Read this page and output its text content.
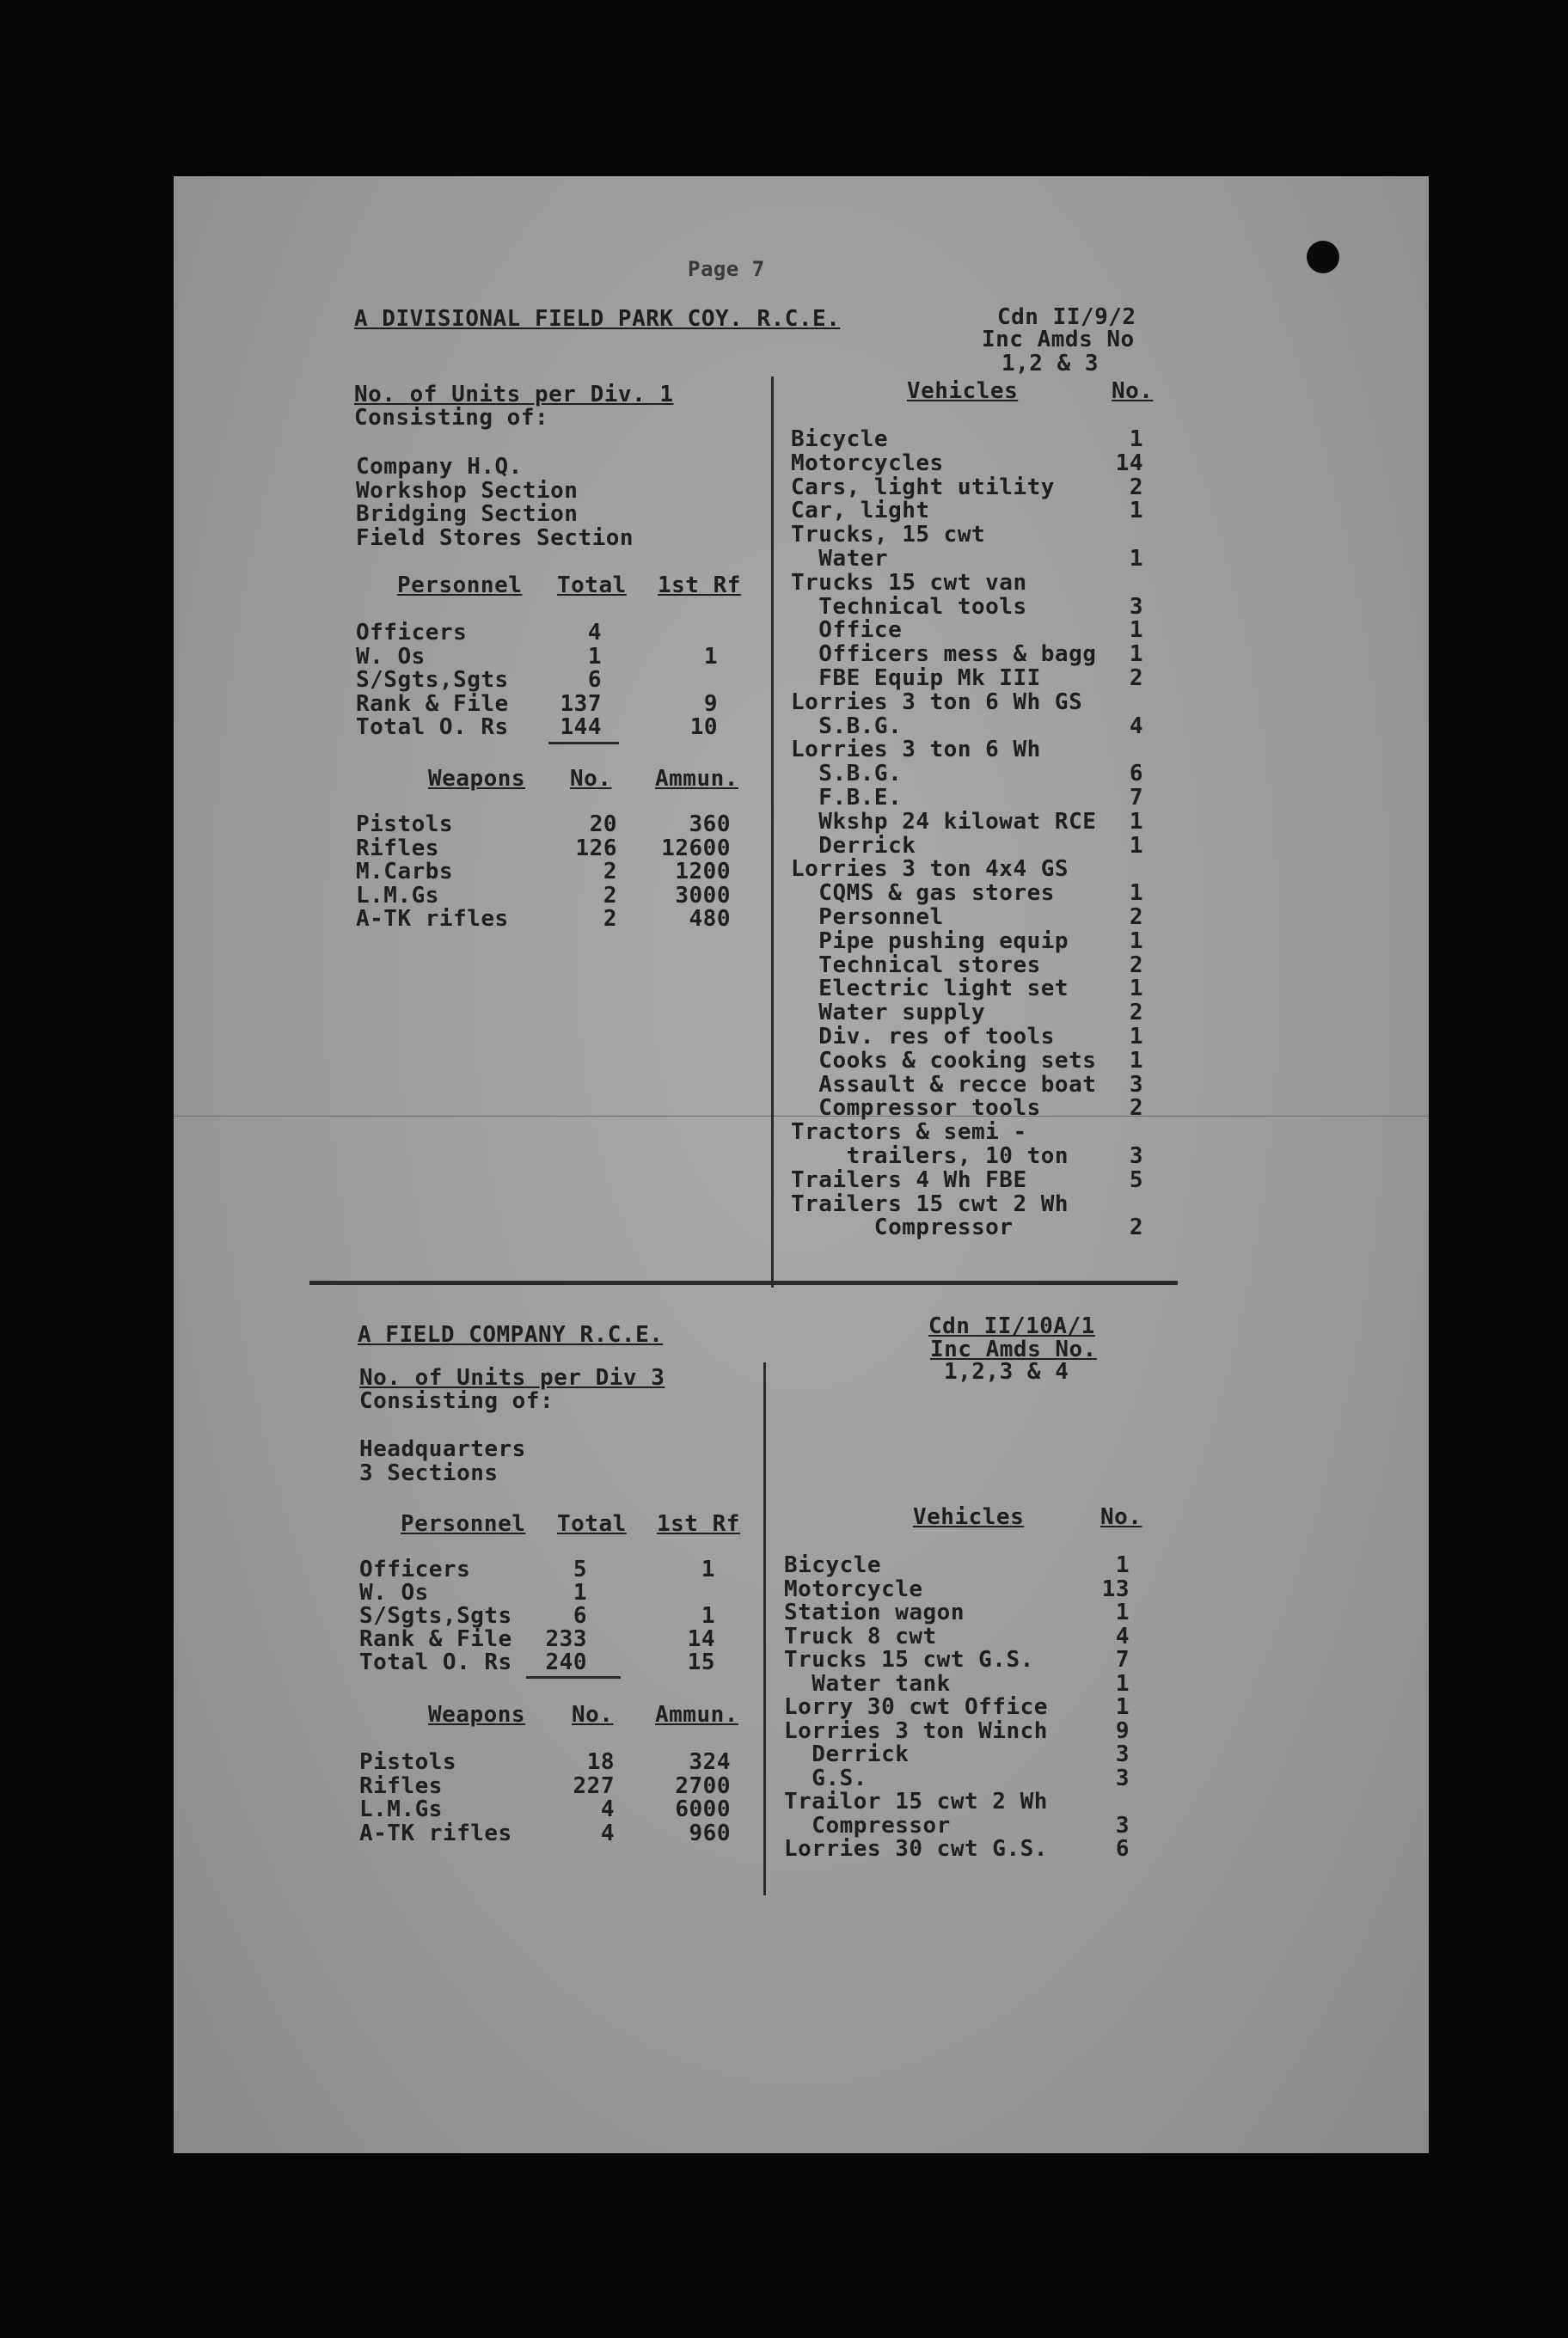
Page 7
A DIVISIONAL FIELD PARK COY. R.C.E.	Cdn II/9/2
Inc Amds No
1,2 & 3
No. of Units per Div. 1
Consisting of:
Company H.Q.
Workshop Section
Bridging Section
Field Stores Section
Personnel Total 1st Rf
Officers	4
W. Os	1	1
S/Sgts,Sgts	6
Rank & File 137	9
Total O. Rs 144	10
Weapons No. Ammun.
Pistols	20	360
Rifles	126 12600
M.Carbs	2	1200
L.M.Gs	2	3000
A-TK rifles	2	480
Vehicles	No.
Bicycle	1
Motorcycles	14
Cars, light utility	2
Car, light	1
Trucks, 15 cwt
Water	1
Trucks 15 cwt van
Technical tools	3
Office	1
Officers mess & bagg 1
FBE Equip Mk III	2
Lorries 3 ton 6 Wh GS
S.B.G.	4
Lorries 3 ton 6 Wh
S.B.G.	6
F.B.E.	7
Wkshp 24 kilowat RCE 1
Derrick	1
Lorries 3 ton 4x4 GS
CQMS & gas stores	1
Personnel	2
Pipe pushing equip	1
Technical stores	2
Electric light set	1
Water supply	2
Div. res of tools	1
Cooks & cooking sets 1
Assault & recce boat 3
Compressor tools	2
Tractors & semi -
trailers, 10 ton	3
Trailers 4 Wh FBE	5
Trailers 15 cwt 2 Wh
Compressor	2
A FIELD COMPANY R.C.E.	Cdn II/10A/1
Inc Amds No.
1,2,3 & 4
No. of Units per Div 3
Consisting of:
Headquarters
3 Sections
Personnel Total 1st Rf
Officers	5	1
W. Os	1
S/Sgts,Sgts	6	1
Rank & File 233	14
Total O. Rs 240	15
Weapons No. Ammun.
Pistols	18	324
Rifles	227	2700
L.M.Gs	4	6000
A-TK rifles	4	960
Vehicles	No.
Bicycle	1
Motorcycle	13
Station wagon	1
Truck 8 cwt	4
Trucks 15 cwt G.S.	7
Water tank	1
Lorry 30 cwt Office	1
Lorries 3 ton Winch	9
Derrick	3
G.S.	3
Trailor 15 cwt 2 Wh
Compressor	3
Lorries 30 cwt G.S.	6
